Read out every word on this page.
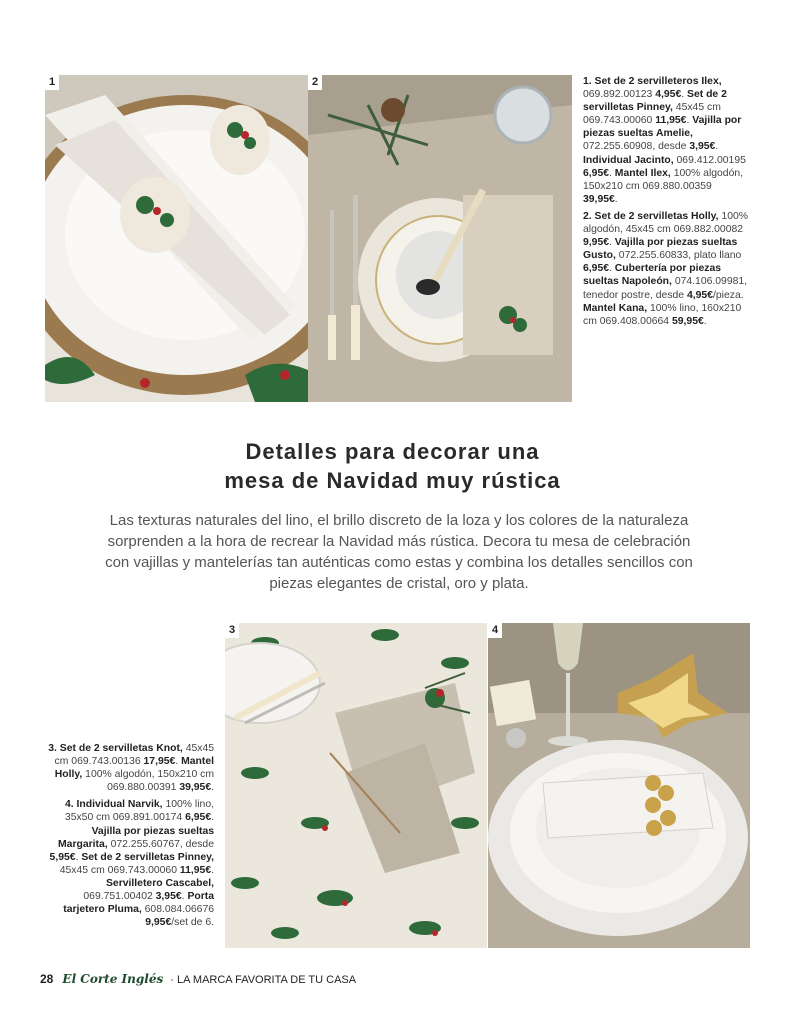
1	2	1. Set de 2 servilleteros Ilex, 069.892.00123 4,95€. Set de 2 servilletas Pinney, 45x45 cm 069.743.00060 11,95€. Vajilla por piezas sueltas Amelie, 072.255.60908, desde 3,95€. Individual Jacinto, 069.412.00195 6,95€. Mantel Ilex, 100% algodón, 150x210 cm 069.880.00359 39,95€.
2. Set de 2 servilletas Holly, 100% algodón, 45x45 cm 069.882.00082 9,95€. Vajilla por piezas sueltas Gusto, 072.255.60833, plato llano 6,95€. Cubertería por piezas sueltas Napoleón, 074.106.09981, tenedor postre, desde 4,95€/pieza. Mantel Kana, 100% lino, 160x210 cm 069.408.00664 59,95€.
Detalles para decorar una
mesa de Navidad muy rústica
Las texturas naturales del lino, el brillo discreto de la loza y los colores de la naturaleza sorprenden a la hora de recrear la Navidad más rústica. Decora tu mesa de celebración con vajillas y mantelerías tan auténticas como estas y combina los detalles sencillos con piezas elegantes de cristal, oro y plata.
3	4
3. Set de 2 servilletas Knot, 45x45 cm 069.743.00136 17,95€. Mantel Holly, 100% algodón, 150x210 cm 069.880.00391 39,95€.
4. Individual Narvik, 100% lino, 35x50 cm 069.891.00174 6,95€. Vajilla por piezas sueltas Margarita, 072.255.60767, desde 5,95€. Set de 2 servilletas Pinney, 45x45 cm 069.743.00060 11,95€. Servilletero Cascabel, 069.751.00402 3,95€. Porta tarjetero Pluma, 608.084.06676 9,95€/set de 6.
28 El Corte Inglés · LA MARCA FAVORITA DE TU CASA
